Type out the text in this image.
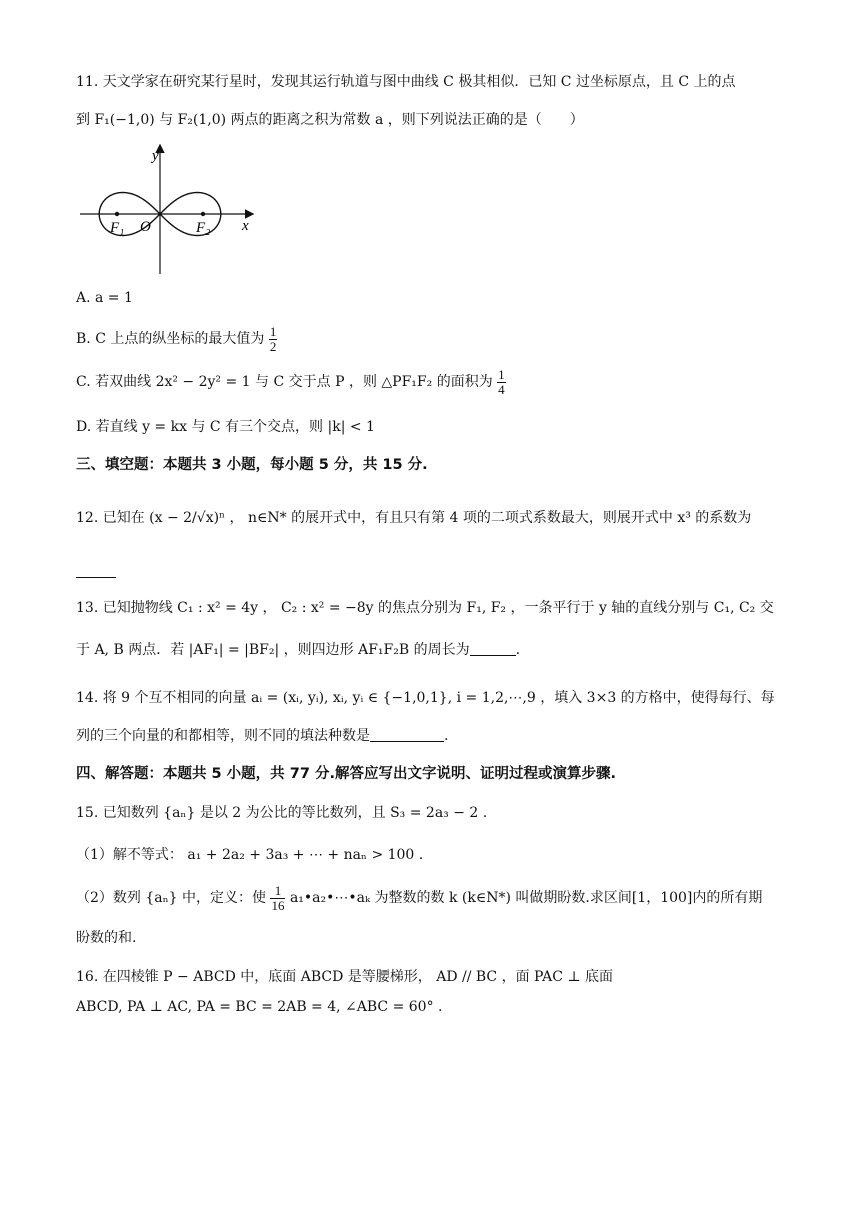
11. 天文学家在研究某行星时，发现其运行轨道与图中曲线 C 极其相似．已知 C 过坐标原点，且 C 上的点
到 F₁(−1,0) 与 F₂(1,0) 两点的距离之积为常数 a ，则下列说法正确的是（　　）
y
x
O
F₁	F₂
A. a = 1
B. C 上点的纵坐标的最大值为 $\frac{1}{2}$
C. 若双曲线 2x² − 2y² = 1 与 C 交于点 P ，则 △PF₁F₂ 的面积为 $\frac{1}{4}$
D. 若直线 y = kx 与 C 有三个交点，则 |k| < 1
三、填空题：本题共 3 小题，每小题 5 分，共 15 分.
12. 已知在 (x − 2/√x)ⁿ ， n∈N* 的展开式中，有且只有第 4 项的二项式系数最大，则展开式中 x³ 的系数为
13. 已知抛物线 C₁ : x² = 4y ， C₂ : x² = −8y 的焦点分别为 F₁, F₂ ，一条平行于 y 轴的直线分别与 C₁, C₂ 交
于 A, B 两点．若 |AF₁| = |BF₂| ，则四边形 AF₁F₂B 的周长为	.
14. 将 9 个互不相同的向量 aᵢ = (xᵢ, yᵢ), xᵢ, yᵢ ∈ {−1,0,1}, i = 1,2,⋯,9 ，填入 3×3 的方格中，使得每行、每
列的三个向量的和都相等，则不同的填法种数是	.
四、解答题：本题共 5 小题，共 77 分.解答应写出文字说明、证明过程或演算步骤.
15. 已知数列 {aₙ} 是以 2 为公比的等比数列，且 S₃ = 2a₃ − 2 .
（1）解不等式： a₁ + 2a₂ + 3a₃ + ⋯ + naₙ > 100 .
（2）数列 {aₙ} 中，定义：使 $\frac{1}{16}$ a₁•a₂•⋯•aₖ 为整数的数 k (k∈N*) 叫做期盼数.求区间[1，100]内的所有期
盼数的和.
16. 在四棱锥 P − ABCD 中，底面 ABCD 是等腰梯形， AD // BC ，面 PAC ⊥ 底面
ABCD, PA ⊥ AC, PA = BC = 2AB = 4, ∠ABC = 60° .
